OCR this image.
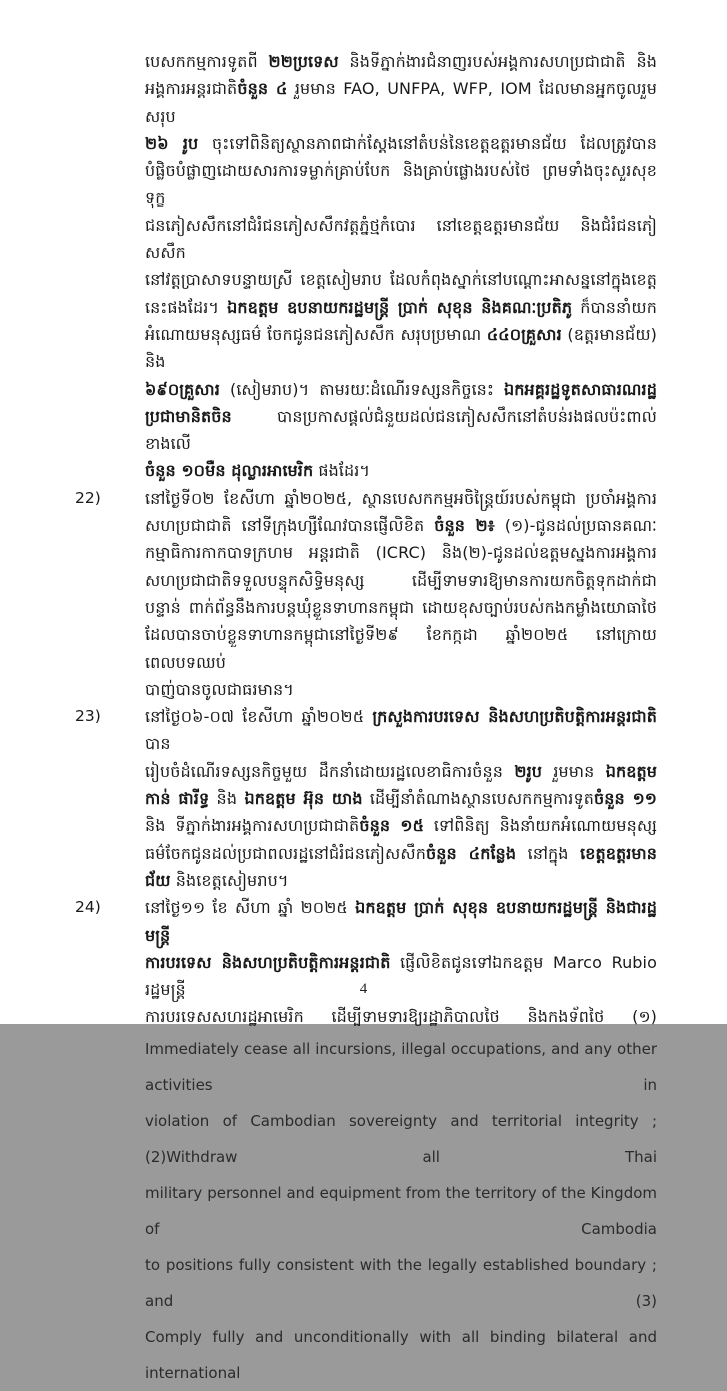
បេសកកម្មការទូតពី ២២ប្រទេស និងទីភ្នាក់ងារជំនាញរបស់អង្គការសហប្រជាជាតិ និង
អង្គការអន្តរជាតិចំនួន ៤ រួមមាន FAO, UNFPA, WFP, IOM ដែលមានអ្នកចូលរួមសរុប
២៦ រូប ចុះទៅពិនិត្យស្ថានភាពជាក់ស្តែងនៅតំបន់នៃខេត្តឧត្តរមានជ័យ ដែលត្រូវបាន
បំផ្លិចបំផ្លាញដោយសារការទម្លាក់គ្រាប់បែក និងគ្រាប់ផ្លោងរបស់ថៃ ព្រមទាំងចុះសួរសុខទុក្ខ
ជនភៀសសឹកនៅជំរំជនភៀសសឹកវត្តភ្នំថ្មកំបោរ នៅខេត្តឧត្តរមានជ័យ និងជំរំជនភៀសសឹក
នៅវត្តប្រាសាទបន្ទាយស្រី ខេត្តសៀមរាប ដែលកំពុងស្នាក់នៅបណ្តោះអាសន្ននៅក្នុងខេត្ត
នេះផងដែរ។ ឯកឧត្តម ឧបនាយករដ្ឋមន្ត្រី ប្រាក់ សុខុន និងគណៈប្រតិភូ ក៏បាននាំយក
អំណោយមនុស្សធម៌ ចែកជូនជនភៀសសឹក សរុបប្រមាណ ៤៤០គ្រួសារ (ឧត្តរមានជ័យ) និង
៦៩០គ្រួសារ (សៀមរាប)។ តាមរយៈដំណើរទស្សនកិច្ចនេះ ឯកអគ្គរដ្ឋទូតសាធារណរដ្ឋ
ប្រជាមានិតចិន បានប្រកាសផ្តល់ជំនួយដល់ជនភៀសសឹកនៅតំបន់រងផលប៉ះពាល់ខាងលើ
ចំនួន ១០មឺន ដុល្លារអាមេរិក ផងដែរ។
22)	នៅថ្ងៃទី០២ ខែសីហា ឆ្នាំ២០២៥, ស្ថានបេសកកម្មអចិន្ត្រៃយ៍របស់កម្ពុជា ប្រចាំអង្គការ
សហប្រជាជាតិ នៅទីក្រុងហ្សឺណែវបានផ្ញើលិខិត ចំនួន ២៖ (១)-ជូនដល់ប្រធានគណៈ
កម្មាធិការកាកបាទក្រហម អន្តរជាតិ (ICRC) និង(២)-ជូនដល់ឧត្តមស្នងការអង្គការ
សហប្រជាជាតិទទួលបន្ទុកសិទ្ធិមនុស្ស ដើម្បីទាមទារឱ្យមានការយកចិត្តទុកដាក់ជា
បន្ទាន់ ពាក់ព័ន្ធនឹងការបន្តឃុំខ្លួនទាហានកម្ពុជា ដោយខុសច្បាប់របស់កងកម្លាំងយោធាថៃ
ដែលបានចាប់ខ្លួនទាហានកម្ពុជានៅថ្ងៃទី២៩ ខែកក្កដា ឆ្នាំ២០២៥ នៅក្រោយពេលបទឈប់
បាញ់បានចូលជាធរមាន។
23)	នៅថ្ងៃ០៦-០៧ ខែសីហា ឆ្នាំ២០២៥ ក្រសួងការបរទេស និងសហប្រតិបត្តិការអន្តរជាតិ បាន
រៀបចំដំណើរទស្សនកិច្ចមួយ ដឹកនាំដោយរដ្ឋលេខាធិការចំនួន ២រូប រួមមាន ឯកឧត្តម
កាន់ ផារីទ្ធ និង ឯកឧត្តម អ៊ុន យាង ដើម្បីនាំតំណាងស្ថានបេសកកម្មការទូតចំនួន ១១
និង ទីភ្នាក់ងារអង្គការសហប្រជាជាតិចំនួន ១៥ ទៅពិនិត្យ និងនាំយកអំណោយមនុស្ស
ធម៌ចែកជូនដល់ប្រជាពលរដ្ឋនៅជំរំជនភៀសសឹកចំនួន ៤កន្លែង នៅក្នុង ខេត្តឧត្តរមាន
ជ័យ និងខេត្តសៀមរាប។
24)	នៅថ្ងៃ១១ ខែ សីហា ឆ្នាំ ២០២៥ ឯកឧត្តម ប្រាក់ សុខុន ឧបនាយករដ្ឋមន្ត្រី និងជារដ្ឋមន្ត្រី
ការបរទេស និងសហប្រតិបត្តិការអន្តរជាតិ ផ្ញើលិខិតជូនទៅឯកឧត្តម Marco Rubio រដ្ឋមន្ត្រី
ការបរទេសសហរដ្ឋអាមេរិក ដើម្បីទាមទារឱ្យរដ្ឋាភិបាលថៃ និងកងទ័ពថៃ (១)
Immediately cease all incursions, illegal occupations, and any other activities in
violation of Cambodian sovereignty and territorial integrity ; (2)Withdraw all Thai
military personnel and equipment from the territory of the Kingdom of Cambodia
to positions fully consistent with the legally established boundary ; and (3)
Comply fully and unconditionally with all binding bilateral and international
4
